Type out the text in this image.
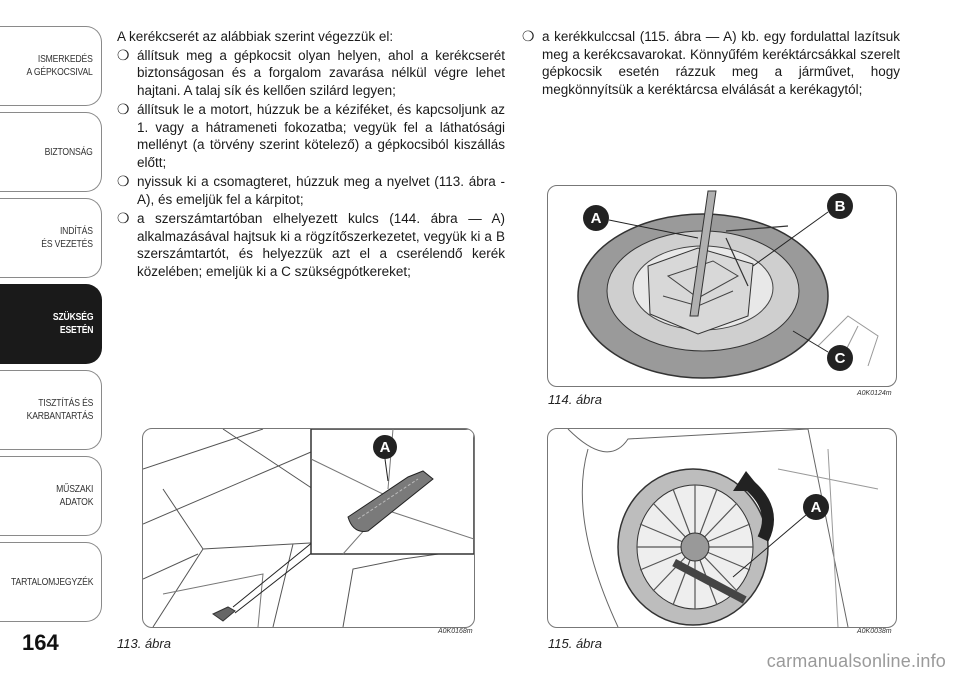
ISMERKEDÉS
A GÉPKOCSIVAL
BIZTONSÁG
INDÍTÁS
ÉS VEZETÉS
SZÜKSÉG
ESETÉN
TISZTÍTÁS ÉS
KARBANTARTÁS
MŰSZAKI
ADATOK
TARTALOMJEGYZÉK
164

A kerékcserét az alábbiak szerint végezzük el:

❍ állítsuk meg a gépkocsit olyan helyen, ahol a kerékcserét biztonságosan és a forgalom zavarása nélkül végre lehet hajtani. A talaj sík és kellően szilárd legyen;
❍ állítsuk le a motort, húzzuk be a kéziféket, és kapcsoljunk az 1. vagy a hátrameneti fokozatba; vegyük fel a láthatósági mellényt (a törvény szerint kötelező) a gépkocsiból kiszállás előtt;
❍ nyissuk ki a csomagteret, húzzuk meg a nyelvet (113. ábra - A), és emeljük fel a kárpitot;
❍ a szerszámtartóban elhelyezett kulcs (144. ábra — A) alkalmazásával hajtsuk ki a rögzítőszerkezetet, vegyük ki a B szerszámtartót, és helyezzük azt el a cserélendő kerék közelében; emeljük ki a C szükségpótkereket;
❍ a kerékkulccsal (115. ábra — A) kb. egy fordulattal lazítsuk meg a kerékcsavarokat. Könnyűfém keréktárcsákkal szerelt gépkocsik esetén rázzuk meg a járművet, hogy megkönnyítsük a keréktárcsa elválását a kerékagytól;
A
113. ábra
A0K0168m
A
B
C
114. ábra	A0K0124m
A
115. ábra
A0K0038m
carmanualsonline.info
